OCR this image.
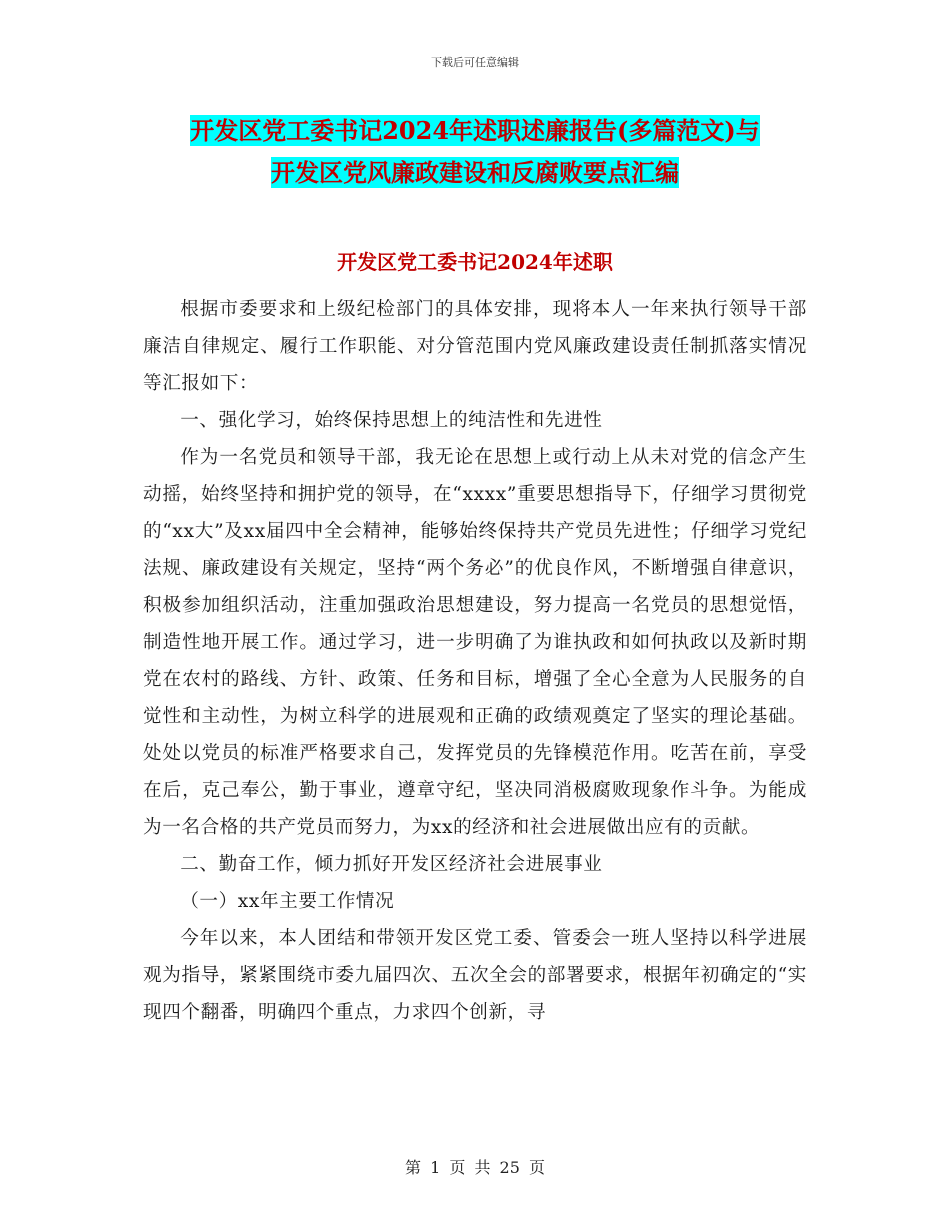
下载后可任意编辑
开发区党工委书记2024年述职述廉报告(多篇范文)与
开发区党风廉政建设和反腐败要点汇编
开发区党工委书记2024年述职

根据市委要求和上级纪检部门的具体安排，现将本人一年来执行领导干部廉洁自律规定、履行工作职能、对分管范围内党风廉政建设责任制抓落实情况等汇报如下：

一、强化学习，始终保持思想上的纯洁性和先进性

作为一名党员和领导干部，我无论在思想上或行动上从未对党的信念产生动摇，始终坚持和拥护党的领导，在“xxxx”重要思想指导下，仔细学习贯彻党的“xx大”及xx届四中全会精神，能够始终保持共产党员先进性；仔细学习党纪法规、廉政建设有关规定，坚持“两个务必”的优良作风，不断增强自律意识，积极参加组织活动，注重加强政治思想建设，努力提高一名党员的思想觉悟，制造性地开展工作。通过学习，进一步明确了为谁执政和如何执政以及新时期党在农村的路线、方针、政策、任务和目标，增强了全心全意为人民服务的自觉性和主动性，为树立科学的进展观和正确的政绩观奠定了坚实的理论基础。处处以党员的标准严格要求自己，发挥党员的先锋模范作用。吃苦在前，享受在后，克己奉公，勤于事业，遵章守纪，坚决同消极腐败现象作斗争。为能成为一名合格的共产党员而努力，为xx的经济和社会进展做出应有的贡献。

二、勤奋工作，倾力抓好开发区经济社会进展事业

（一）xx年主要工作情况

今年以来，本人团结和带领开发区党工委、管委会一班人坚持以科学进展观为指导，紧紧围绕市委九届四次、五次全会的部署要求，根据年初确定的“实现四个翻番，明确四个重点，力求四个创新，寻

第 1 页 共 25 页
